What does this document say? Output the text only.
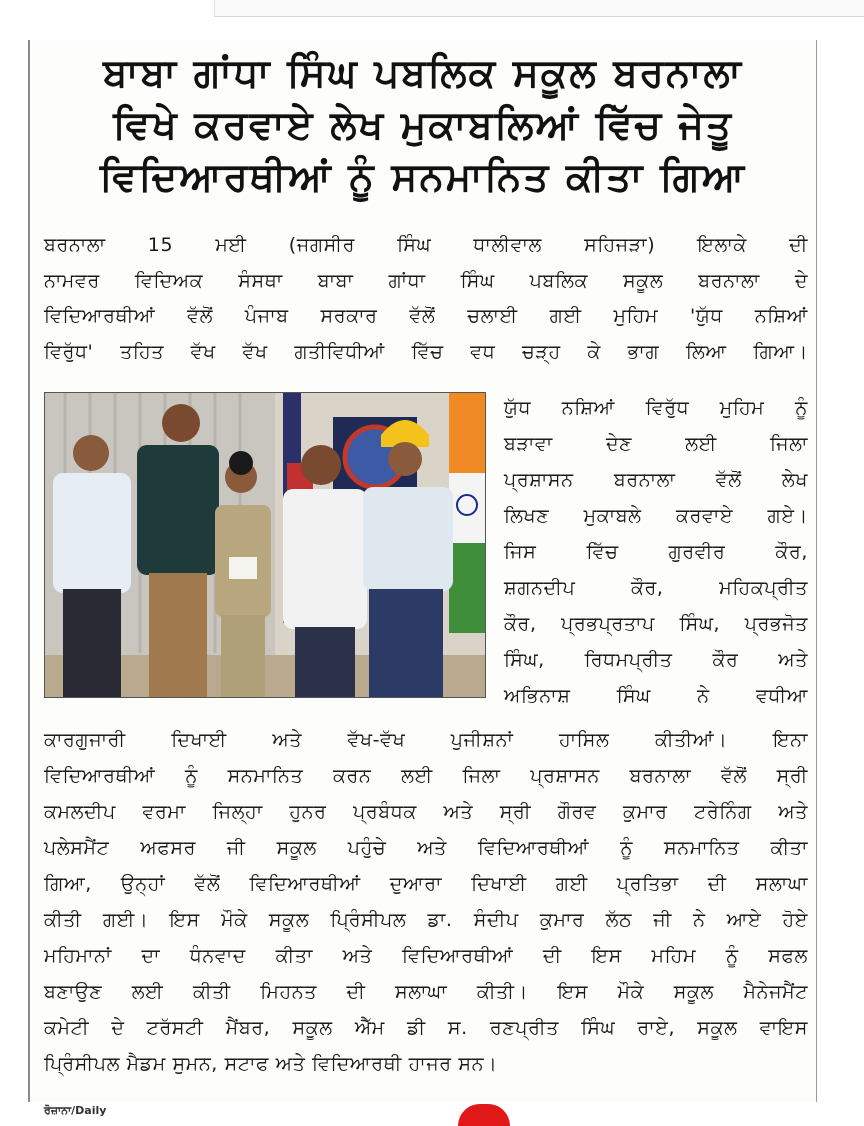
ਬਾਬਾ ਗਾਂਧਾ ਸਿੰਘ ਪਬਲਿਕ ਸਕੂਲ ਬਰਨਾਲਾ
ਵਿਖੇ ਕਰਵਾਏ ਲੇਖ ਮੁਕਾਬਲਿਆਂ ਵਿੱਚ ਜੇਤੂ
ਵਿਦਿਆਰਥੀਆਂ ਨੂੰ ਸਨਮਾਨਿਤ ਕੀਤਾ ਗਿਆ

ਬਰਨਾਲਾ 15 ਮਈ (ਜਗਸੀਰ ਸਿੰਘ ਧਾਲੀਵਾਲ ਸਹਿਜੜਾ) ਇਲਾਕੇ ਦੀ
ਨਾਮਵਰ ਵਿਦਿਅਕ ਸੰਸਥਾ ਬਾਬਾ ਗਾਂਧਾ ਸਿੰਘ ਪਬਲਿਕ ਸਕੂਲ ਬਰਨਾਲਾ ਦੇ
ਵਿਦਿਆਰਥੀਆਂ ਵੱਲੋਂ ਪੰਜਾਬ ਸਰਕਾਰ ਵੱਲੋਂ ਚਲਾਈ ਗਈ ਮੁਹਿਮ 'ਯੁੱਧ ਨਸ਼ਿਆਂ
ਵਿਰੁੱਧ' ਤਹਿਤ ਵੱਖ ਵੱਖ ਗਤੀਵਿਧੀਆਂ ਵਿੱਚ ਵਧ ਚੜ੍ਹ ਕੇ ਭਾਗ ਲਿਆ ਗਿਆ।

ਯੁੱਧ ਨਸ਼ਿਆਂ ਵਿਰੁੱਧ ਮੁਹਿਮ ਨੂੰ
ਬੜਾਵਾ ਦੇਣ ਲਈ ਜਿਲਾ
ਪ੍ਰਸ਼ਾਸਨ ਬਰਨਾਲਾ ਵੱਲੋਂ ਲੇਖ
ਲਿਖਣ ਮੁਕਾਬਲੇ ਕਰਵਾਏ ਗਏ।
ਜਿਸ ਵਿੱਚ ਗੁਰਵੀਰ ਕੌਰ,
ਸ਼ਗਨਦੀਪ ਕੌਰ, ਮਹਿਕਪ੍ਰੀਤ
ਕੌਰ, ਪ੍ਰਭਪ੍ਰਤਾਪ ਸਿੰਘ, ਪ੍ਰਭਜੋਤ
ਸਿੰਘ, ਰਿਧਮਪ੍ਰੀਤ ਕੌਰ ਅਤੇ
ਅਭਿਨਾਸ਼ ਸਿੰਘ ਨੇ ਵਧੀਆ

ਕਾਰਗੁਜਾਰੀ ਦਿਖਾਈ ਅਤੇ ਵੱਖ-ਵੱਖ ਪੁਜੀਸ਼ਨਾਂ ਹਾਸਿਲ ਕੀਤੀਆਂ। ਇਨਾ
ਵਿਦਿਆਰਥੀਆਂ ਨੂੰ ਸਨਮਾਨਿਤ ਕਰਨ ਲਈ ਜਿਲਾ ਪ੍ਰਸ਼ਾਸਨ ਬਰਨਾਲਾ ਵੱਲੋਂ ਸ੍ਰੀ
ਕਮਲਦੀਪ ਵਰਮਾ ਜਿਲ੍ਹਾ ਹੁਨਰ ਪ੍ਰਬੰਧਕ ਅਤੇ ਸ੍ਰੀ ਗੌਰਵ ਕੁਮਾਰ ਟਰੇਨਿੰਗ ਅਤੇ
ਪਲੇਸਮੈਂਟ ਅਫਸਰ ਜੀ ਸਕੂਲ ਪਹੁੰਚੇ ਅਤੇ ਵਿਦਿਆਰਥੀਆਂ ਨੂੰ ਸਨਮਾਨਿਤ ਕੀਤਾ
ਗਿਆ, ਉਨ੍ਹਾਂ ਵੱਲੋਂ ਵਿਦਿਆਰਥੀਆਂ ਦੁਆਰਾ ਦਿਖਾਈ ਗਈ ਪ੍ਰਤਿਭਾ ਦੀ ਸਲਾਘਾ
ਕੀਤੀ ਗਈ। ਇਸ ਮੌਕੇ ਸਕੂਲ ਪ੍ਰਿੰਸੀਪਲ ਡਾ. ਸੰਦੀਪ ਕੁਮਾਰ ਲੱਠ ਜੀ ਨੇ ਆਏ ਹੋਏ
ਮਹਿਮਾਨਾਂ ਦਾ ਧੰਨਵਾਦ ਕੀਤਾ ਅਤੇ ਵਿਦਿਆਰਥੀਆਂ ਦੀ ਇਸ ਮਹਿਮ ਨੂੰ ਸਫਲ
ਬਣਾਉਣ ਲਈ ਕੀਤੀ ਮਿਹਨਤ ਦੀ ਸਲਾਘਾ ਕੀਤੀ। ਇਸ ਮੌਕੇ ਸਕੂਲ ਮੈਨੇਜਮੈਂਟ
ਕਮੇਟੀ ਦੇ ਟਰੱਸਟੀ ਮੈਂਬਰ, ਸਕੂਲ ਐੱਮ ਡੀ ਸ. ਰਣਪ੍ਰੀਤ ਸਿੰਘ ਰਾਏ, ਸਕੂਲ ਵਾਇਸ
ਪ੍ਰਿੰਸੀਪਲ ਮੈਡਮ ਸੁਮਨ, ਸਟਾਫ ਅਤੇ ਵਿਦਿਆਰਥੀ ਹਾਜਰ ਸਨ।

ਰੋਜ਼ਾਨਾ/Daily
